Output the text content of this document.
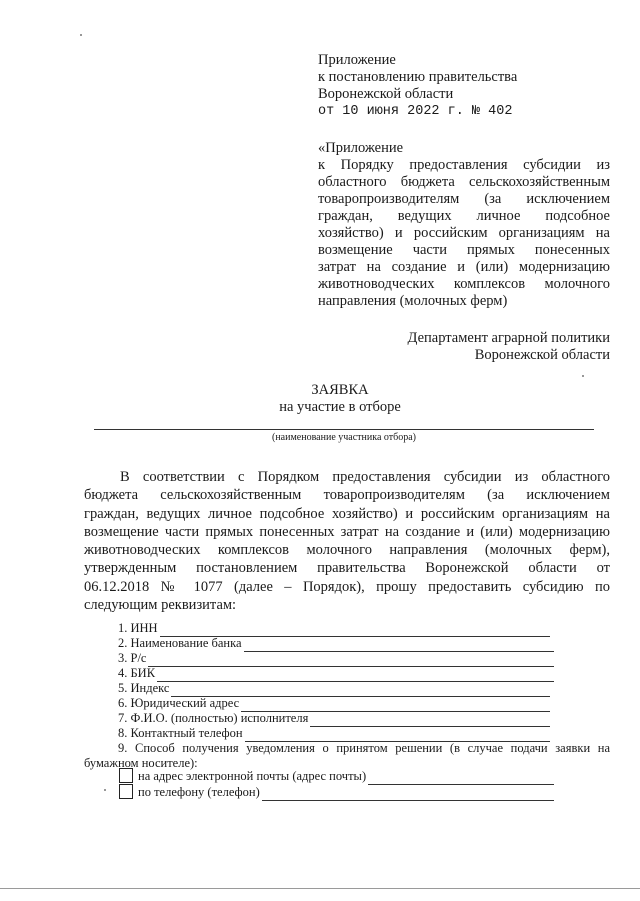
Приложение
к постановлению правительства
Воронежской области
от 10 июня 2022 г. № 402
«Приложение
к Порядку предоставления субсидии из
областного бюджета сельскохозяйственным
товаропроизводителям (за исключением
граждан, ведущих личное подсобное
хозяйство) и российским организациям на
возмещение части прямых понесенных
затрат на создание и (или) модернизацию
животноводческих комплексов молочного
направления (молочных ферм)
Департамент аграрной политики
Воронежской области
ЗАЯВКА
на участие в отборе
(наименование участника отбора)
В соответствии с Порядком предоставления субсидии из областного
бюджета сельскохозяйственным товаропроизводителям (за исключением
граждан, ведущих личное подсобное хозяйство) и российским организациям на
возмещение части прямых понесенных затрат на создание и (или) модернизацию
животноводческих комплексов молочного направления (молочных ферм),
утвержденным постановлением правительства Воронежской области от
06.12.2018 № 1077 (далее – Порядок), прошу предоставить субсидию по
следующим реквизитам:
1. ИНН
2. Наименование банка
3. Р/с
4. БИК
5. Индекс
6. Юридический адрес
7. Ф.И.О. (полностью) исполнителя
8. Контактный телефон
9. Способ получения уведомления о принятом решении (в случае подачи заявки на
бумажном носителе):
на адрес электронной почты (адрес почты)
по телефону (телефон)
